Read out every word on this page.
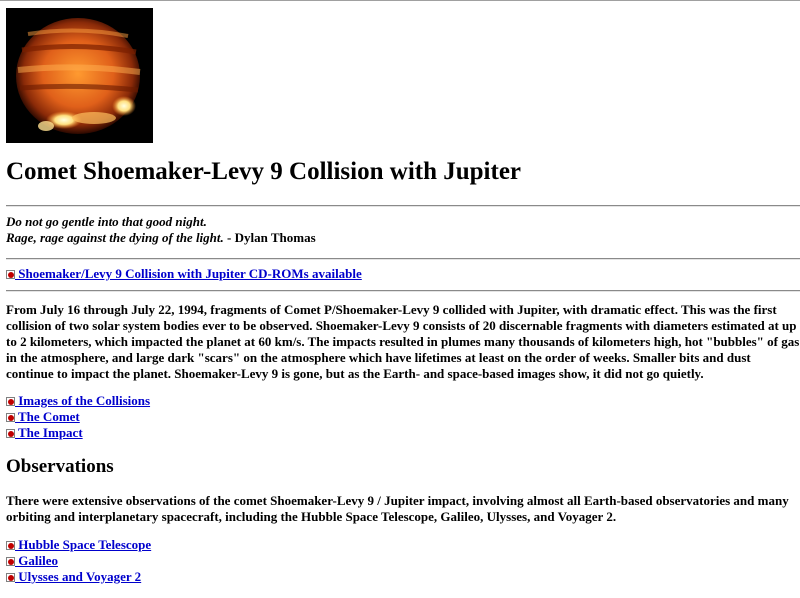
Comet Shoemaker-Levy 9 Collision with Jupiter
Do not go gentle into that good night.
Rage, rage against the dying of the light. - Dylan Thomas
Shoemaker/Levy 9 Collision with Jupiter CD-ROMs available

From July 16 through July 22, 1994, fragments of Comet P/Shoemaker-Levy 9 collided with Jupiter, with dramatic effect. This was the first collision of two solar system bodies ever to be observed. Shoemaker-Levy 9 consists of 20 discernable fragments with diameters estimated at up to 2 kilometers, which impacted the planet at 60 km/s. The impacts resulted in plumes many thousands of kilometers high, hot "bubbles" of gas in the atmosphere, and large dark "scars" on the atmosphere which have lifetimes at least on the order of weeks. Smaller bits and dust continue to impact the planet. Shoemaker-Levy 9 is gone, but as the Earth- and space-based images show, it did not go quietly.

Images of the Collisions
The Comet
The Impact
Observations

There were extensive observations of the comet Shoemaker-Levy 9 / Jupiter impact, involving almost all Earth-based observatories and many orbiting and interplanetary spacecraft, including the Hubble Space Telescope, Galileo, Ulysses, and Voyager 2.

Hubble Space Telescope
Galileo
Ulysses and Voyager 2
